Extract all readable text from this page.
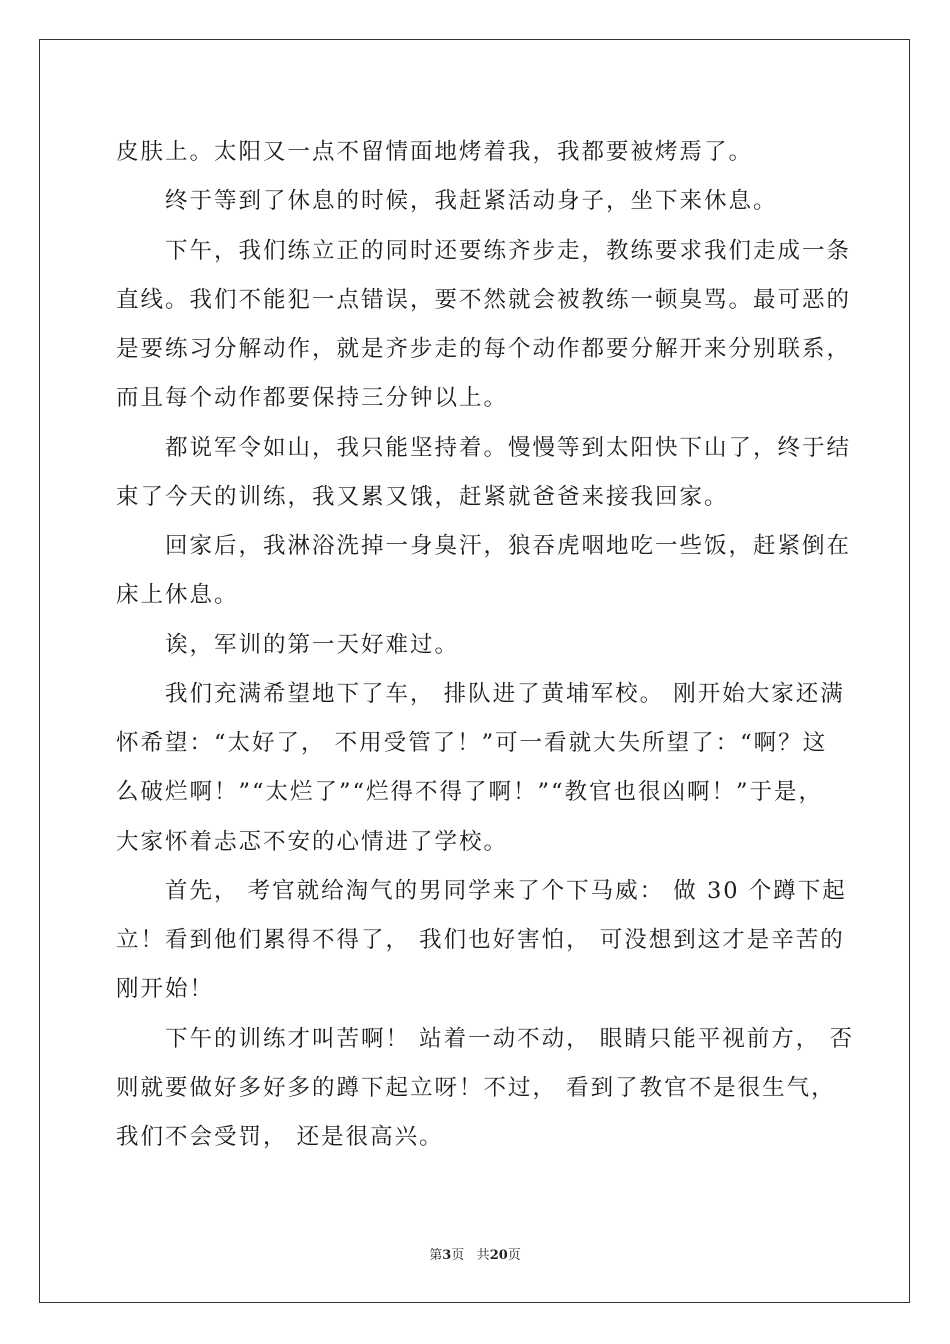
皮肤上。太阳又一点不留情面地烤着我，我都要被烤焉了。
终于等到了休息的时候，我赶紧活动身子，坐下来休息。
下午，我们练立正的同时还要练齐步走，教练要求我们走成一条
直线。我们不能犯一点错误，要不然就会被教练一顿臭骂。最可恶的
是要练习分解动作，就是齐步走的每个动作都要分解开来分别联系，
而且每个动作都要保持三分钟以上。
都说军令如山，我只能坚持着。慢慢等到太阳快下山了，终于结
束了今天的训练，我又累又饿，赶紧就爸爸来接我回家。
回家后，我淋浴洗掉一身臭汗，狼吞虎咽地吃一些饭，赶紧倒在
床上休息。
诶，军训的第一天好难过。
我们充满希望地下了车， 排队进了黄埔军校。 刚开始大家还满
怀希望：“太好了， 不用受管了！”可一看就大失所望了：“啊？这
么破烂啊！”“太烂了”“烂得不得了啊！”“教官也很凶啊！”于是，
大家怀着忐忑不安的心情进了学校。
首先， 考官就给淘气的男同学来了个下马威： 做 30 个蹲下起
立！看到他们累得不得了， 我们也好害怕， 可没想到这才是辛苦的
刚开始！
下午的训练才叫苦啊！ 站着一动不动， 眼睛只能平视前方， 否
则就要做好多好多的蹲下起立呀！不过， 看到了教官不是很生气，
我们不会受罚， 还是很高兴。
第3页 共20页
